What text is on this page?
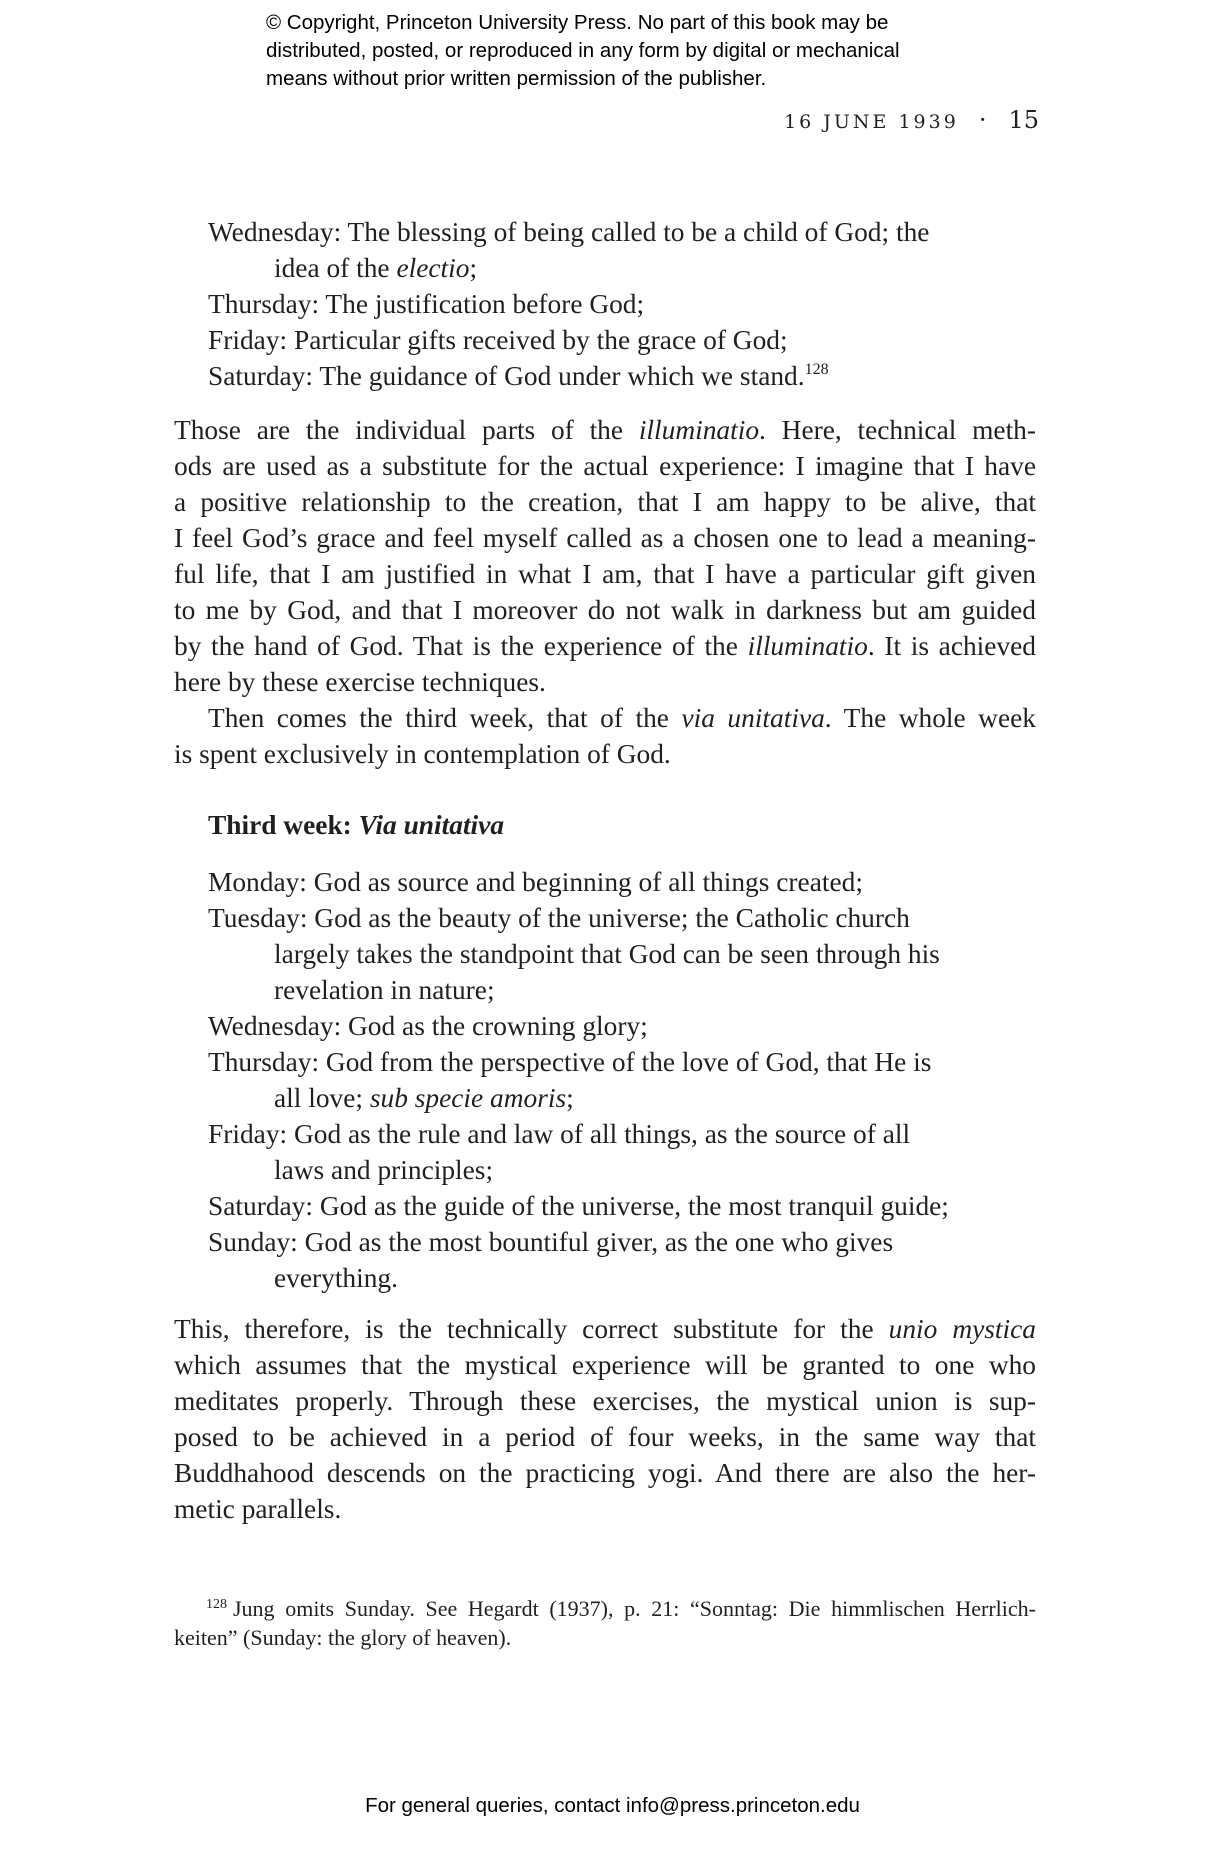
© Copyright, Princeton University Press. No part of this book may be
distributed, posted, or reproduced in any form by digital or mechanical
means without prior written permission of the publisher.
16 JUNE 1939 · 15
Wednesday: The blessing of being called to be a child of God; the
idea of the electio;
Thursday: The justification before God;
Friday: Particular gifts received by the grace of God;
Saturday: The guidance of God under which we stand.$^{128}$
Those are the individual parts of the illuminatio. Here, technical meth-
ods are used as a substitute for the actual experience: I imagine that I have
a positive relationship to the creation, that I am happy to be alive, that
I feel God’s grace and feel myself called as a chosen one to lead a meaning-
ful life, that I am justified in what I am, that I have a particular gift given
to me by God, and that I moreover do not walk in darkness but am guided
by the hand of God. That is the experience of the illuminatio. It is achieved
here by these exercise techniques.
Then comes the third week, that of the via unitativa. The whole week
is spent exclusively in contemplation of God.
Third week: Via unitativa
Monday: God as source and beginning of all things created;
Tuesday: God as the beauty of the universe; the Catholic church
largely takes the standpoint that God can be seen through his
revelation in nature;
Wednesday: God as the crowning glory;
Thursday: God from the perspective of the love of God, that He is
all love; sub specie amoris;
Friday: God as the rule and law of all things, as the source of all
laws and principles;
Saturday: God as the guide of the universe, the most tranquil guide;
Sunday: God as the most bountiful giver, as the one who gives
everything.
This, therefore, is the technically correct substitute for the unio mystica
which assumes that the mystical experience will be granted to one who
meditates properly. Through these exercises, the mystical union is sup-
posed to be achieved in a period of four weeks, in the same way that
Buddhahood descends on the practicing yogi. And there are also the her-
metic parallels.
$^{128}$ Jung omits Sunday. See Hegardt (1937), p. 21: “Sonntag: Die himmlischen Herrlich-
keiten” (Sunday: the glory of heaven).
For general queries, contact info@press.princeton.edu
